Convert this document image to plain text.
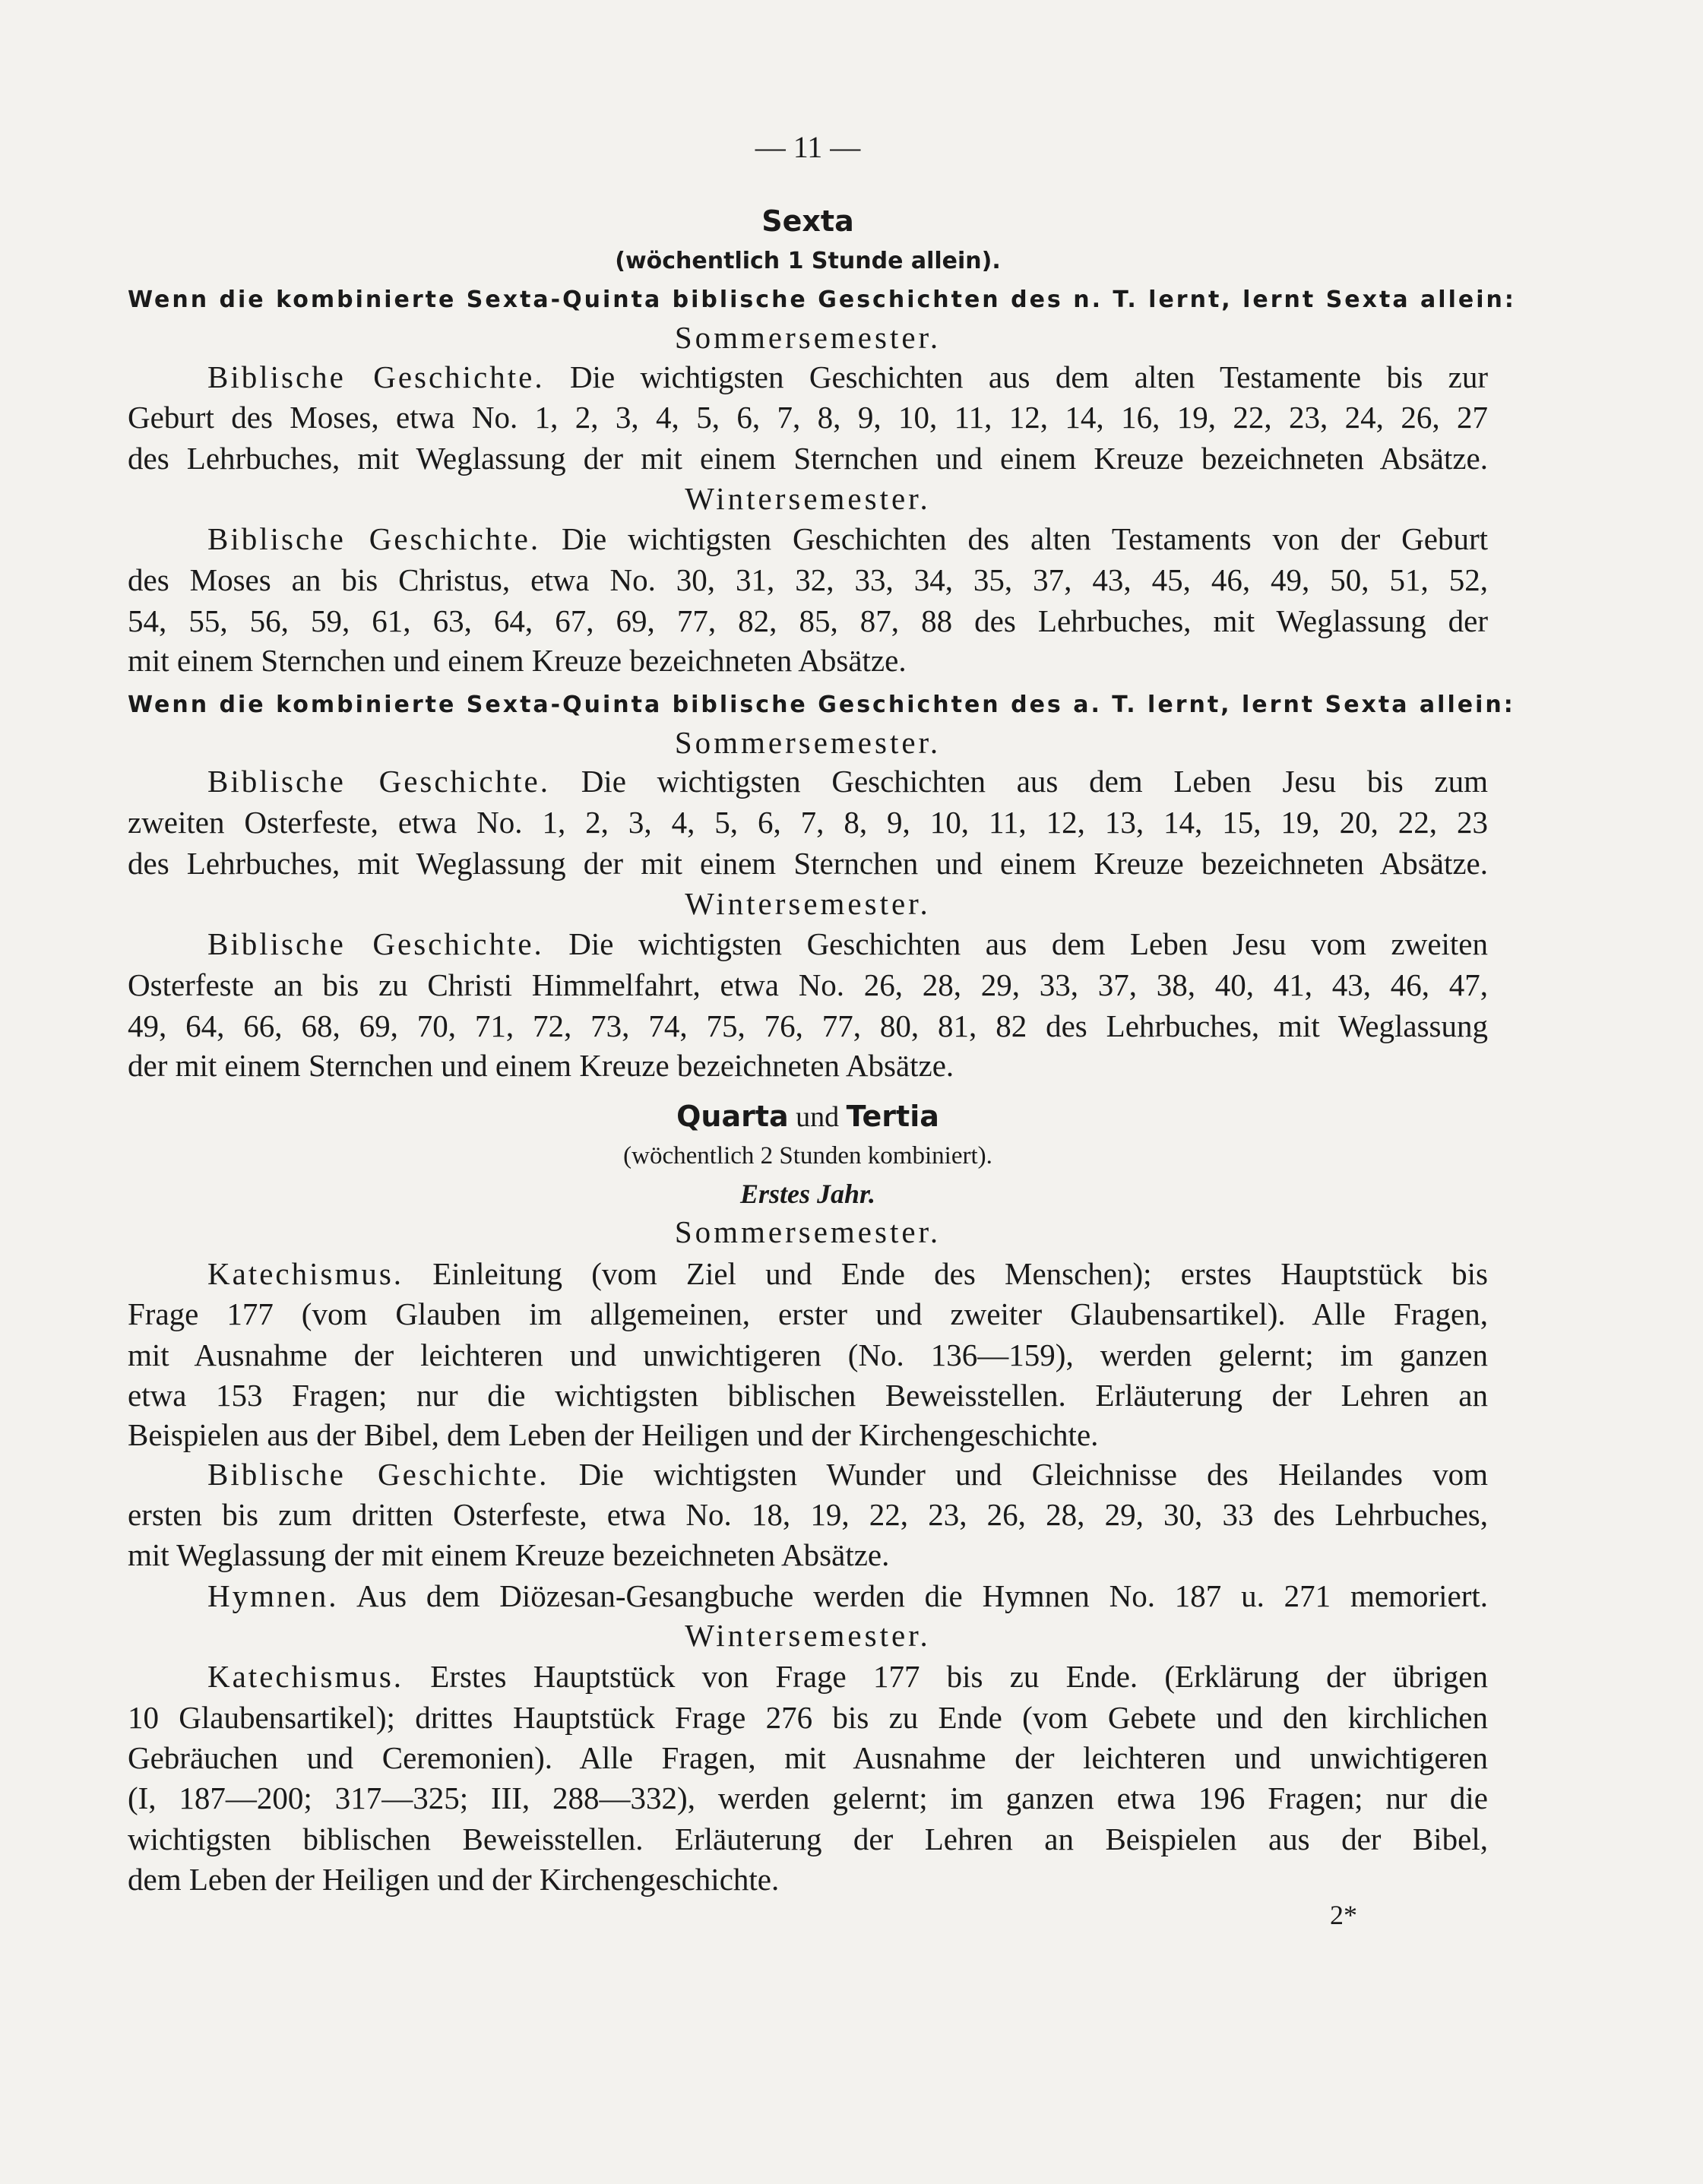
— 11 —
Sexta
(wöchentlich 1 Stunde allein).
Wenn die kombinierte Sexta-Quinta biblische Geschichten des n. T. lernt, lernt Sexta allein:
Sommersemester.
Biblische Geschichte. Die wichtigsten Geschichten aus dem alten Testamente bis zur
Geburt des Moses, etwa No. 1, 2, 3, 4, 5, 6, 7, 8, 9, 10, 11, 12, 14, 16, 19, 22, 23, 24, 26, 27
des Lehrbuches, mit Weglassung der mit einem Sternchen und einem Kreuze bezeichneten Absätze.
Wintersemester.
Biblische Geschichte. Die wichtigsten Geschichten des alten Testaments von der Geburt
des Moses an bis Christus, etwa No. 30, 31, 32, 33, 34, 35, 37, 43, 45, 46, 49, 50, 51, 52,
54, 55, 56, 59, 61, 63, 64, 67, 69, 77, 82, 85, 87, 88 des Lehrbuches, mit Weglassung der
mit einem Sternchen und einem Kreuze bezeichneten Absätze.
Wenn die kombinierte Sexta-Quinta biblische Geschichten des a. T. lernt, lernt Sexta allein:
Sommersemester.
Biblische Geschichte. Die wichtigsten Geschichten aus dem Leben Jesu bis zum
zweiten Osterfeste, etwa No. 1, 2, 3, 4, 5, 6, 7, 8, 9, 10, 11, 12, 13, 14, 15, 19, 20, 22, 23
des Lehrbuches, mit Weglassung der mit einem Sternchen und einem Kreuze bezeichneten Absätze.
Wintersemester.
Biblische Geschichte. Die wichtigsten Geschichten aus dem Leben Jesu vom zweiten
Osterfeste an bis zu Christi Himmelfahrt, etwa No. 26, 28, 29, 33, 37, 38, 40, 41, 43, 46, 47,
49, 64, 66, 68, 69, 70, 71, 72, 73, 74, 75, 76, 77, 80, 81, 82 des Lehrbuches, mit Weglassung
der mit einem Sternchen und einem Kreuze bezeichneten Absätze.
Quarta und Tertia
(wöchentlich 2 Stunden kombiniert).
Erstes Jahr.
Sommersemester.
Katechismus. Einleitung (vom Ziel und Ende des Menschen); erstes Hauptstück bis
Frage 177 (vom Glauben im allgemeinen, erster und zweiter Glaubensartikel). Alle Fragen,
mit Ausnahme der leichteren und unwichtigeren (No. 136—159), werden gelernt; im ganzen
etwa 153 Fragen; nur die wichtigsten biblischen Beweisstellen. Erläuterung der Lehren an
Beispielen aus der Bibel, dem Leben der Heiligen und der Kirchengeschichte.
Biblische Geschichte. Die wichtigsten Wunder und Gleichnisse des Heilandes vom
ersten bis zum dritten Osterfeste, etwa No. 18, 19, 22, 23, 26, 28, 29, 30, 33 des Lehrbuches,
mit Weglassung der mit einem Kreuze bezeichneten Absätze.
Hymnen. Aus dem Diözesan-Gesangbuche werden die Hymnen No. 187 u. 271 memoriert.
Wintersemester.
Katechismus. Erstes Hauptstück von Frage 177 bis zu Ende. (Erklärung der übrigen
10 Glaubensartikel); drittes Hauptstück Frage 276 bis zu Ende (vom Gebete und den kirchlichen
Gebräuchen und Ceremonien). Alle Fragen, mit Ausnahme der leichteren und unwichtigeren
(I, 187—200; 317—325; III, 288—332), werden gelernt; im ganzen etwa 196 Fragen; nur die
wichtigsten biblischen Beweisstellen. Erläuterung der Lehren an Beispielen aus der Bibel,
dem Leben der Heiligen und der Kirchengeschichte.
2*
